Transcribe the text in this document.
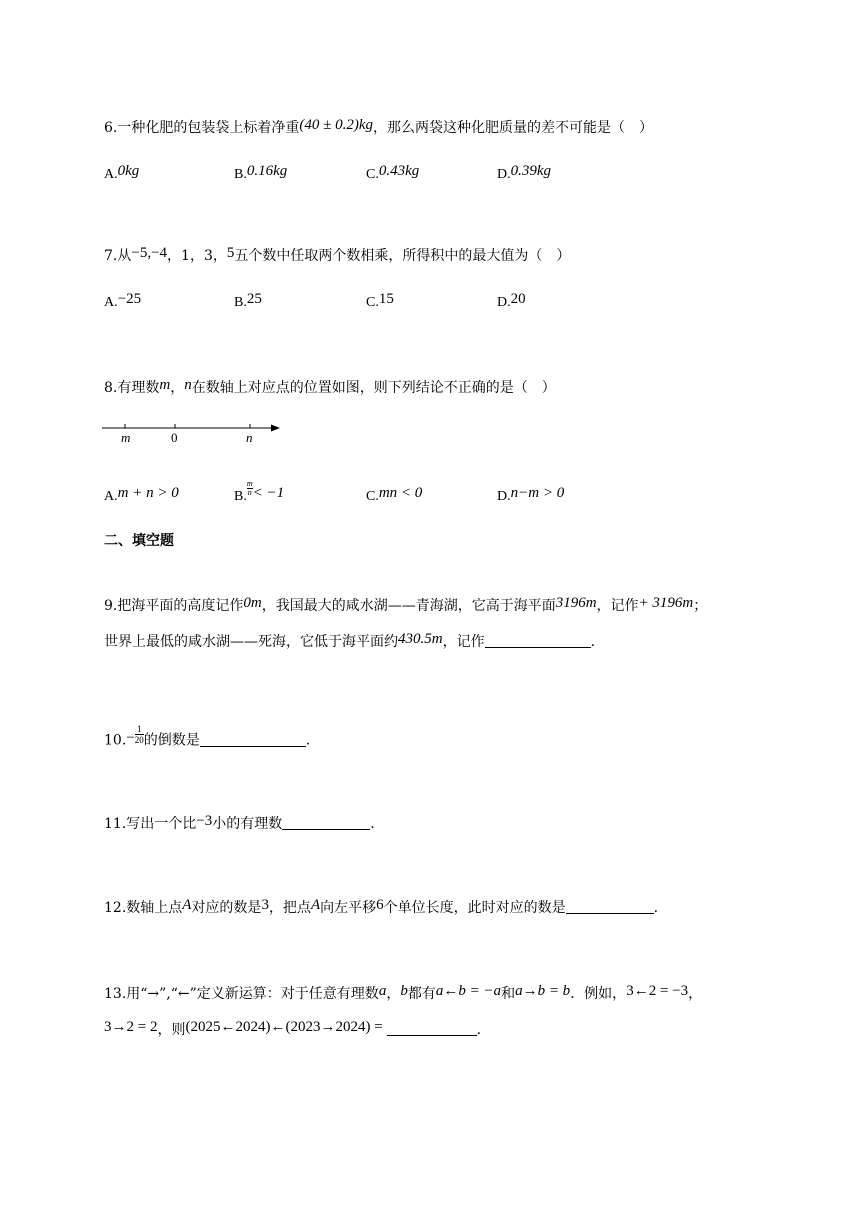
6.一种化肥的包装袋上标着净重(40 ± 0.2)kg，那么两袋这种化肥质量的差不可能是（　）
A.0kg	B.0.16kg	C.0.43kg	D.0.39kg
7.从−5,−4，1，3，5五个数中任取两个数相乘，所得积中的最大值为（　）
A.−25	B.25	C.15	D.20
8.有理数m，n在数轴上对应点的位置如图，则下列结论不正确的是（　）
m	0	n
A.m + n > 0	B. $\frac{m}{n} < -1$	C.mn < 0	D.n−m > 0
二、填空题
9.把海平面的高度记作0m，我国最大的咸水湖——青海湖，它高于海平面3196m，记作+ 3196m；
世界上最低的咸水湖——死海，它低于海平面约430.5m，记作	.
$10.- \frac{1}{20}$ 的倒数是	.
11.写出一个比−3小的有理数	.
12.数轴上点A对应的数是3，把点A向左平移6个单位长度，此时对应的数是	.
13.用“→”,“←”定义新运算：对于任意有理数a，b都有a←b = −a和a→b = b．例如，3←2 = −3，
3→2 = 2，则(2025←2024)←(2023→2024) =	.
